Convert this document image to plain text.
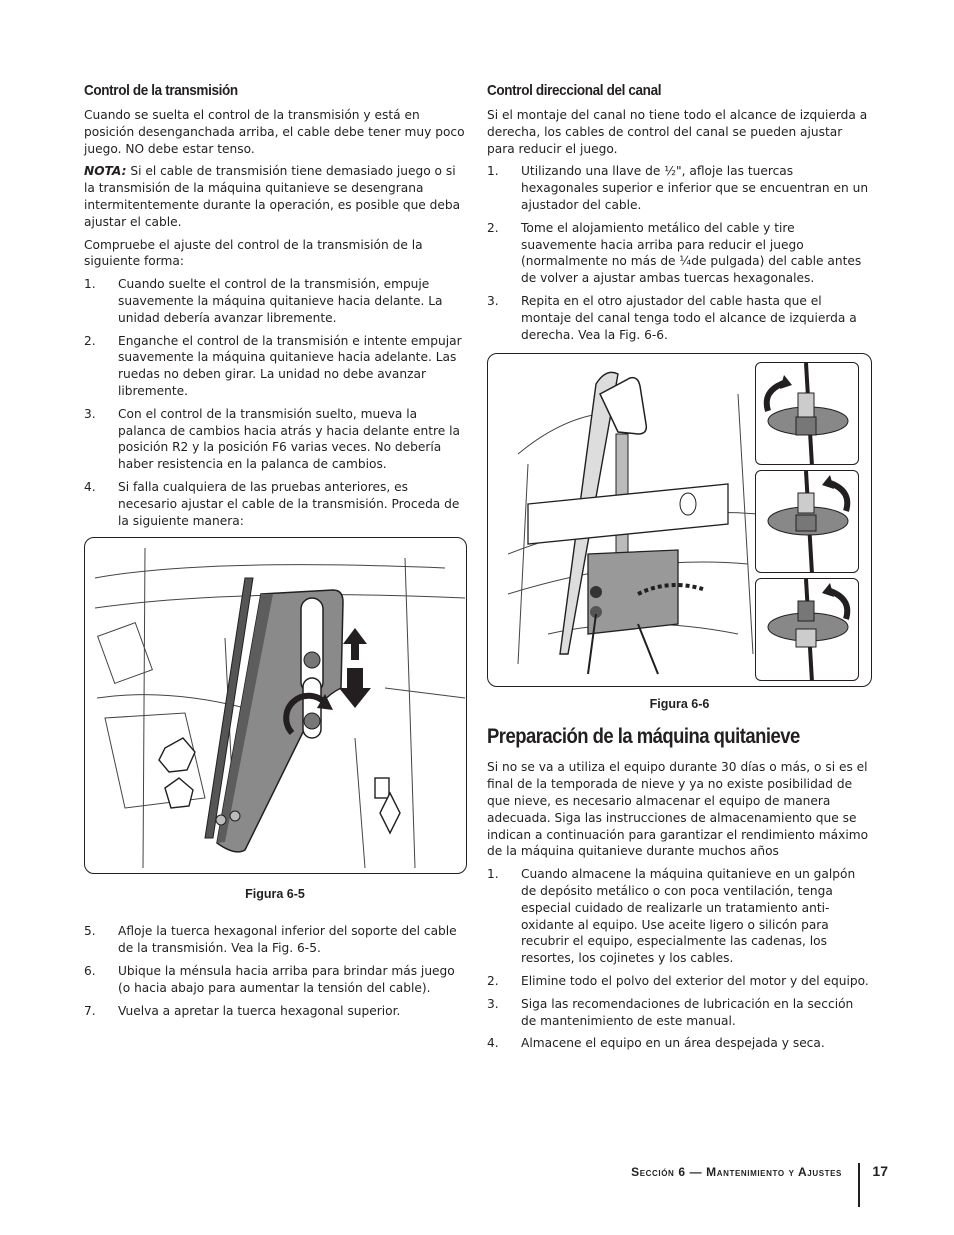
Control de la transmisión

Cuando se suelta el control de la transmisión y está en posición desenganchada arriba, el cable debe tener muy poco juego. NO debe estar tenso.

NOTA: Si el cable de transmisión tiene demasiado juego o si la transmisión de la máquina quitanieve se desengrana intermitentemente durante la operación, es posible que deba ajustar el cable.

Compruebe el ajuste del control de la transmisión de la siguiente forma:

1. Cuando suelte el control de la transmisión, empuje suavemente la máquina quitanieve hacia delante. La unidad debería avanzar libremente.
2. Enganche el control de la transmisión e intente empujar suavemente la máquina quitanieve hacia adelante. Las ruedas no deben girar. La unidad no debe avanzar libremente.
3. Con el control de la transmisión suelto, mueva la palanca de cambios hacia atrás y hacia delante entre la posición R2 y la posición F6 varias veces. No debería haber resistencia en la palanca de cambios.
4. Si falla cualquiera de las pruebas anteriores, es necesario ajustar el cable de la transmisión. Proceda de la siguiente manera:
Figura 6-5
5. Afloje la tuerca hexagonal inferior del soporte del cable de la transmisión. Vea la Fig. 6-5.
6. Ubique la ménsula hacia arriba para brindar más juego (o hacia abajo para aumentar la tensión del cable).
7. Vuelva a apretar la tuerca hexagonal superior.
Control direccional del canal

Si el montaje del canal no tiene todo el alcance de izquierda a derecha, los cables de control del canal se pueden ajustar para reducir el juego.

1. Utilizando una llave de ½", afloje las tuercas hexagonales superior e inferior que se encuentran en un ajustador del cable.
2. Tome el alojamiento metálico del cable y tire suavemente hacia arriba para reducir el juego (normalmente no más de ¼de pulgada) del cable antes de volver a ajustar ambas tuercas hexagonales.
3. Repita en el otro ajustador del cable hasta que el montaje del canal tenga todo el alcance de izquierda a derecha. Vea la Fig. 6-6.
Figura 6-6
Preparación de la máquina quitanieve

Si no se va a utiliza el equipo durante 30 días o más, o si es el final de la temporada de nieve y ya no existe posibilidad de que nieve, es necesario almacenar el equipo de manera adecuada. Siga las instrucciones de almacenamiento que se indican a continuación para garantizar el rendimiento máximo de la máquina quitanieve durante muchos años

1. Cuando almacene la máquina quitanieve en un galpón de depósito metálico o con poca ventilación, tenga especial cuidado de realizarle un tratamiento anti- oxidante al equipo. Use aceite ligero o silicón para recubrir el equipo, especialmente las cadenas, los resortes, los cojinetes y los cables.
2. Elimine todo el polvo del exterior del motor y del equipo.
3. Siga las recomendaciones de lubricación en la sección de mantenimiento de este manual.
4. Almacene el equipo en un área despejada y seca.
Sección 6 — Mantenimiento y Ajustes 17
